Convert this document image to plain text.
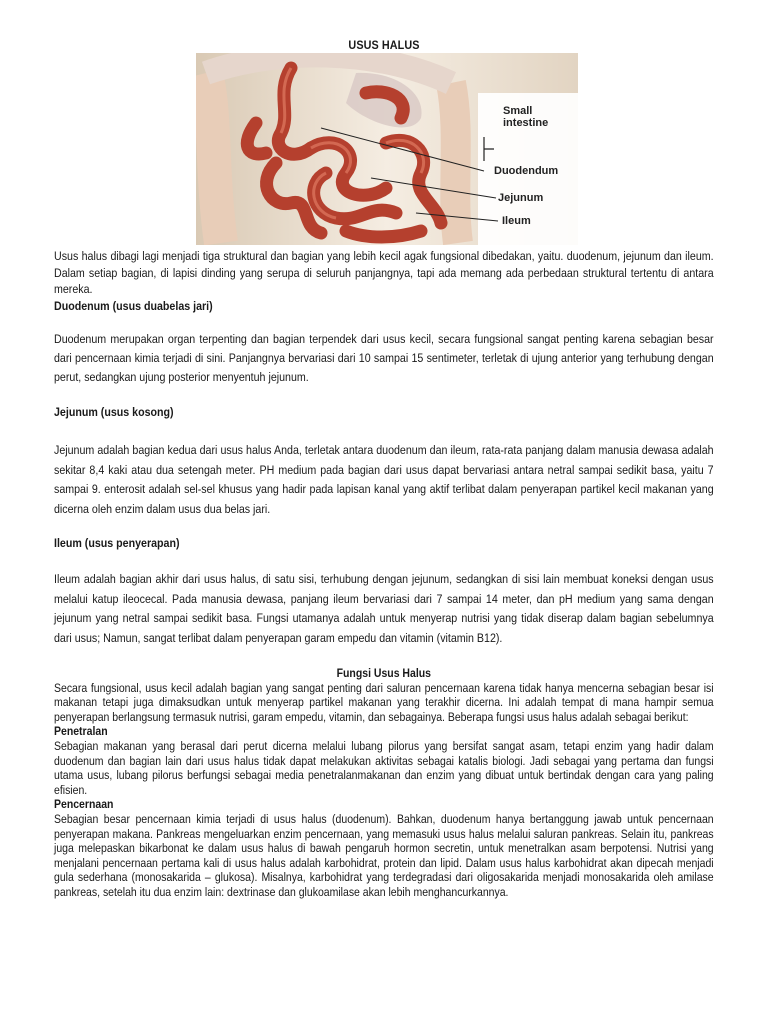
USUS HALUS
Small
intestine
Duodendum
Jejunum
Ileum

Usus halus dibagi lagi menjadi tiga struktural dan bagian yang lebih kecil agak fungsional dibedakan, yaitu. duodenum, jejunum dan ileum. Dalam setiap bagian, di lapisi dinding yang serupa di seluruh panjangnya, tapi ada memang ada perbedaan struktural tertentu di antara mereka.

Duodenum (usus duabelas jari)

Duodenum merupakan organ terpenting dan bagian terpendek dari usus kecil, secara fungsional sangat penting karena sebagian besar dari pencernaan kimia terjadi di sini. Panjangnya bervariasi dari 10 sampai 15 sentimeter, terletak di ujung anterior yang terhubung dengan perut, sedangkan ujung posterior menyentuh jejunum.

Jejunum (usus kosong)

Jejunum adalah bagian kedua dari usus halus Anda, terletak antara duodenum dan ileum, rata-rata panjang dalam manusia dewasa adalah sekitar 8,4 kaki atau dua setengah meter. PH medium pada bagian dari usus dapat bervariasi antara netral sampai sedikit basa, yaitu 7 sampai 9. enterosit adalah sel-sel khusus yang hadir pada lapisan kanal yang aktif terlibat dalam penyerapan partikel kecil makanan yang dicerna oleh enzim dalam usus dua belas jari.

Ileum (usus penyerapan)

Ileum adalah bagian akhir dari usus halus, di satu sisi, terhubung dengan jejunum, sedangkan di sisi lain membuat koneksi dengan usus melalui katup ileocecal. Pada manusia dewasa, panjang ileum bervariasi dari 7 sampai 14 meter, dan pH medium yang sama dengan jejunum yang netral sampai sedikit basa. Fungsi utamanya adalah untuk menyerap nutrisi yang tidak diserap dalam bagian sebelumnya dari usus; Namun, sangat terlibat dalam penyerapan garam empedu dan vitamin (vitamin B12).

Fungsi Usus Halus

Secara fungsional, usus kecil adalah bagian yang sangat penting dari saluran pencernaan karena tidak hanya mencerna sebagian besar isi makanan tetapi juga dimaksudkan untuk menyerap partikel makanan yang terakhir dicerna. Ini adalah tempat di mana hampir semua penyerapan berlangsung termasuk nutrisi, garam empedu, vitamin, dan sebagainya. Beberapa fungsi usus halus adalah sebagai berikut:

Penetralan

Sebagian makanan yang berasal dari perut dicerna melalui lubang pilorus yang bersifat sangat asam, tetapi enzim yang hadir dalam duodenum dan bagian lain dari usus halus tidak dapat melakukan aktivitas sebagai katalis biologi. Jadi sebagai yang pertama dan fungsi utama usus, lubang pilorus berfungsi sebagai media penetralanmakanan dan enzim yang dibuat untuk bertindak dengan cara yang paling efisien.

Pencernaan

Sebagian besar pencernaan kimia terjadi di usus halus (duodenum). Bahkan, duodenum hanya bertanggung jawab untuk pencernaan penyerapan makana. Pankreas mengeluarkan enzim pencernaan, yang memasuki usus halus melalui saluran pankreas. Selain itu, pankreas juga melepaskan bikarbonat ke dalam usus halus di bawah pengaruh hormon secretin, untuk menetralkan asam berpotensi. Nutrisi yang menjalani pencernaan pertama kali di usus halus adalah karbohidrat, protein dan lipid. Dalam usus halus karbohidrat akan dipecah menjadi gula sederhana (monosakarida – glukosa). Misalnya, karbohidrat yang terdegradasi dari oligosakarida menjadi monosakarida oleh amilase pankreas, setelah itu dua enzim lain: dextrinase dan glukoamilase akan lebih menghancurkannya.
